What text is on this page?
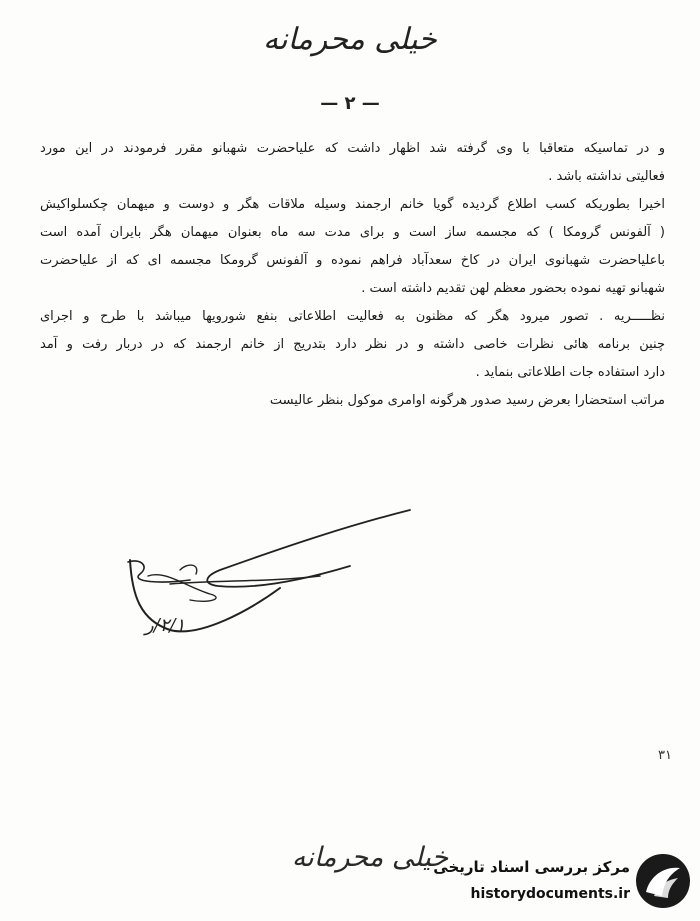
خیلی محرمانه
— ۲ —
و در تماسیکه متعاقبا با وی گرفته شد اظهار داشت که علیاحضرت شهبانو مقرر فرمودند در این مورد
فعالیتی نداشته باشد .
اخیرا بطوریکه کسب اطلاع گردیده گویا خانم ارجمند وسیله ملاقات هگر و دوست و میهمان چکسلواکیش
( آلفونس گرومکا ) که مجسمه ساز است و برای مدت سه ماه بعنوان میهمان هگر بایران آمده است
باعلیاحضرت شهبانوی ایران در کاخ سعدآباد فراهم نموده و آلفونس گرومکا مجسمه ای که از علیاحضرت
شهبانو تهیه نموده بحضور معظم لهن تقدیم داشته است .
نظـــــریه . تصور میرود هگر که مظنون به فعالیت اطلاعاتی بنفع شورویها میباشد با طرح و اجرای
چنین برنامه هائی نظرات خاصی داشته و در نظر دارد بتدریج از خانم ارجمند که در دربار رفت و آمد
دارد استفاده جات اطلاعاتی بنماید .
مراتب استحضارا بعرض رسید صدور هرگونه اوامری موکول بنظر عالیست
۲/۱/ر
۳۱
خیلی محرمانه
مرکز بررسی اسناد تاریخی
historydocuments.ir
